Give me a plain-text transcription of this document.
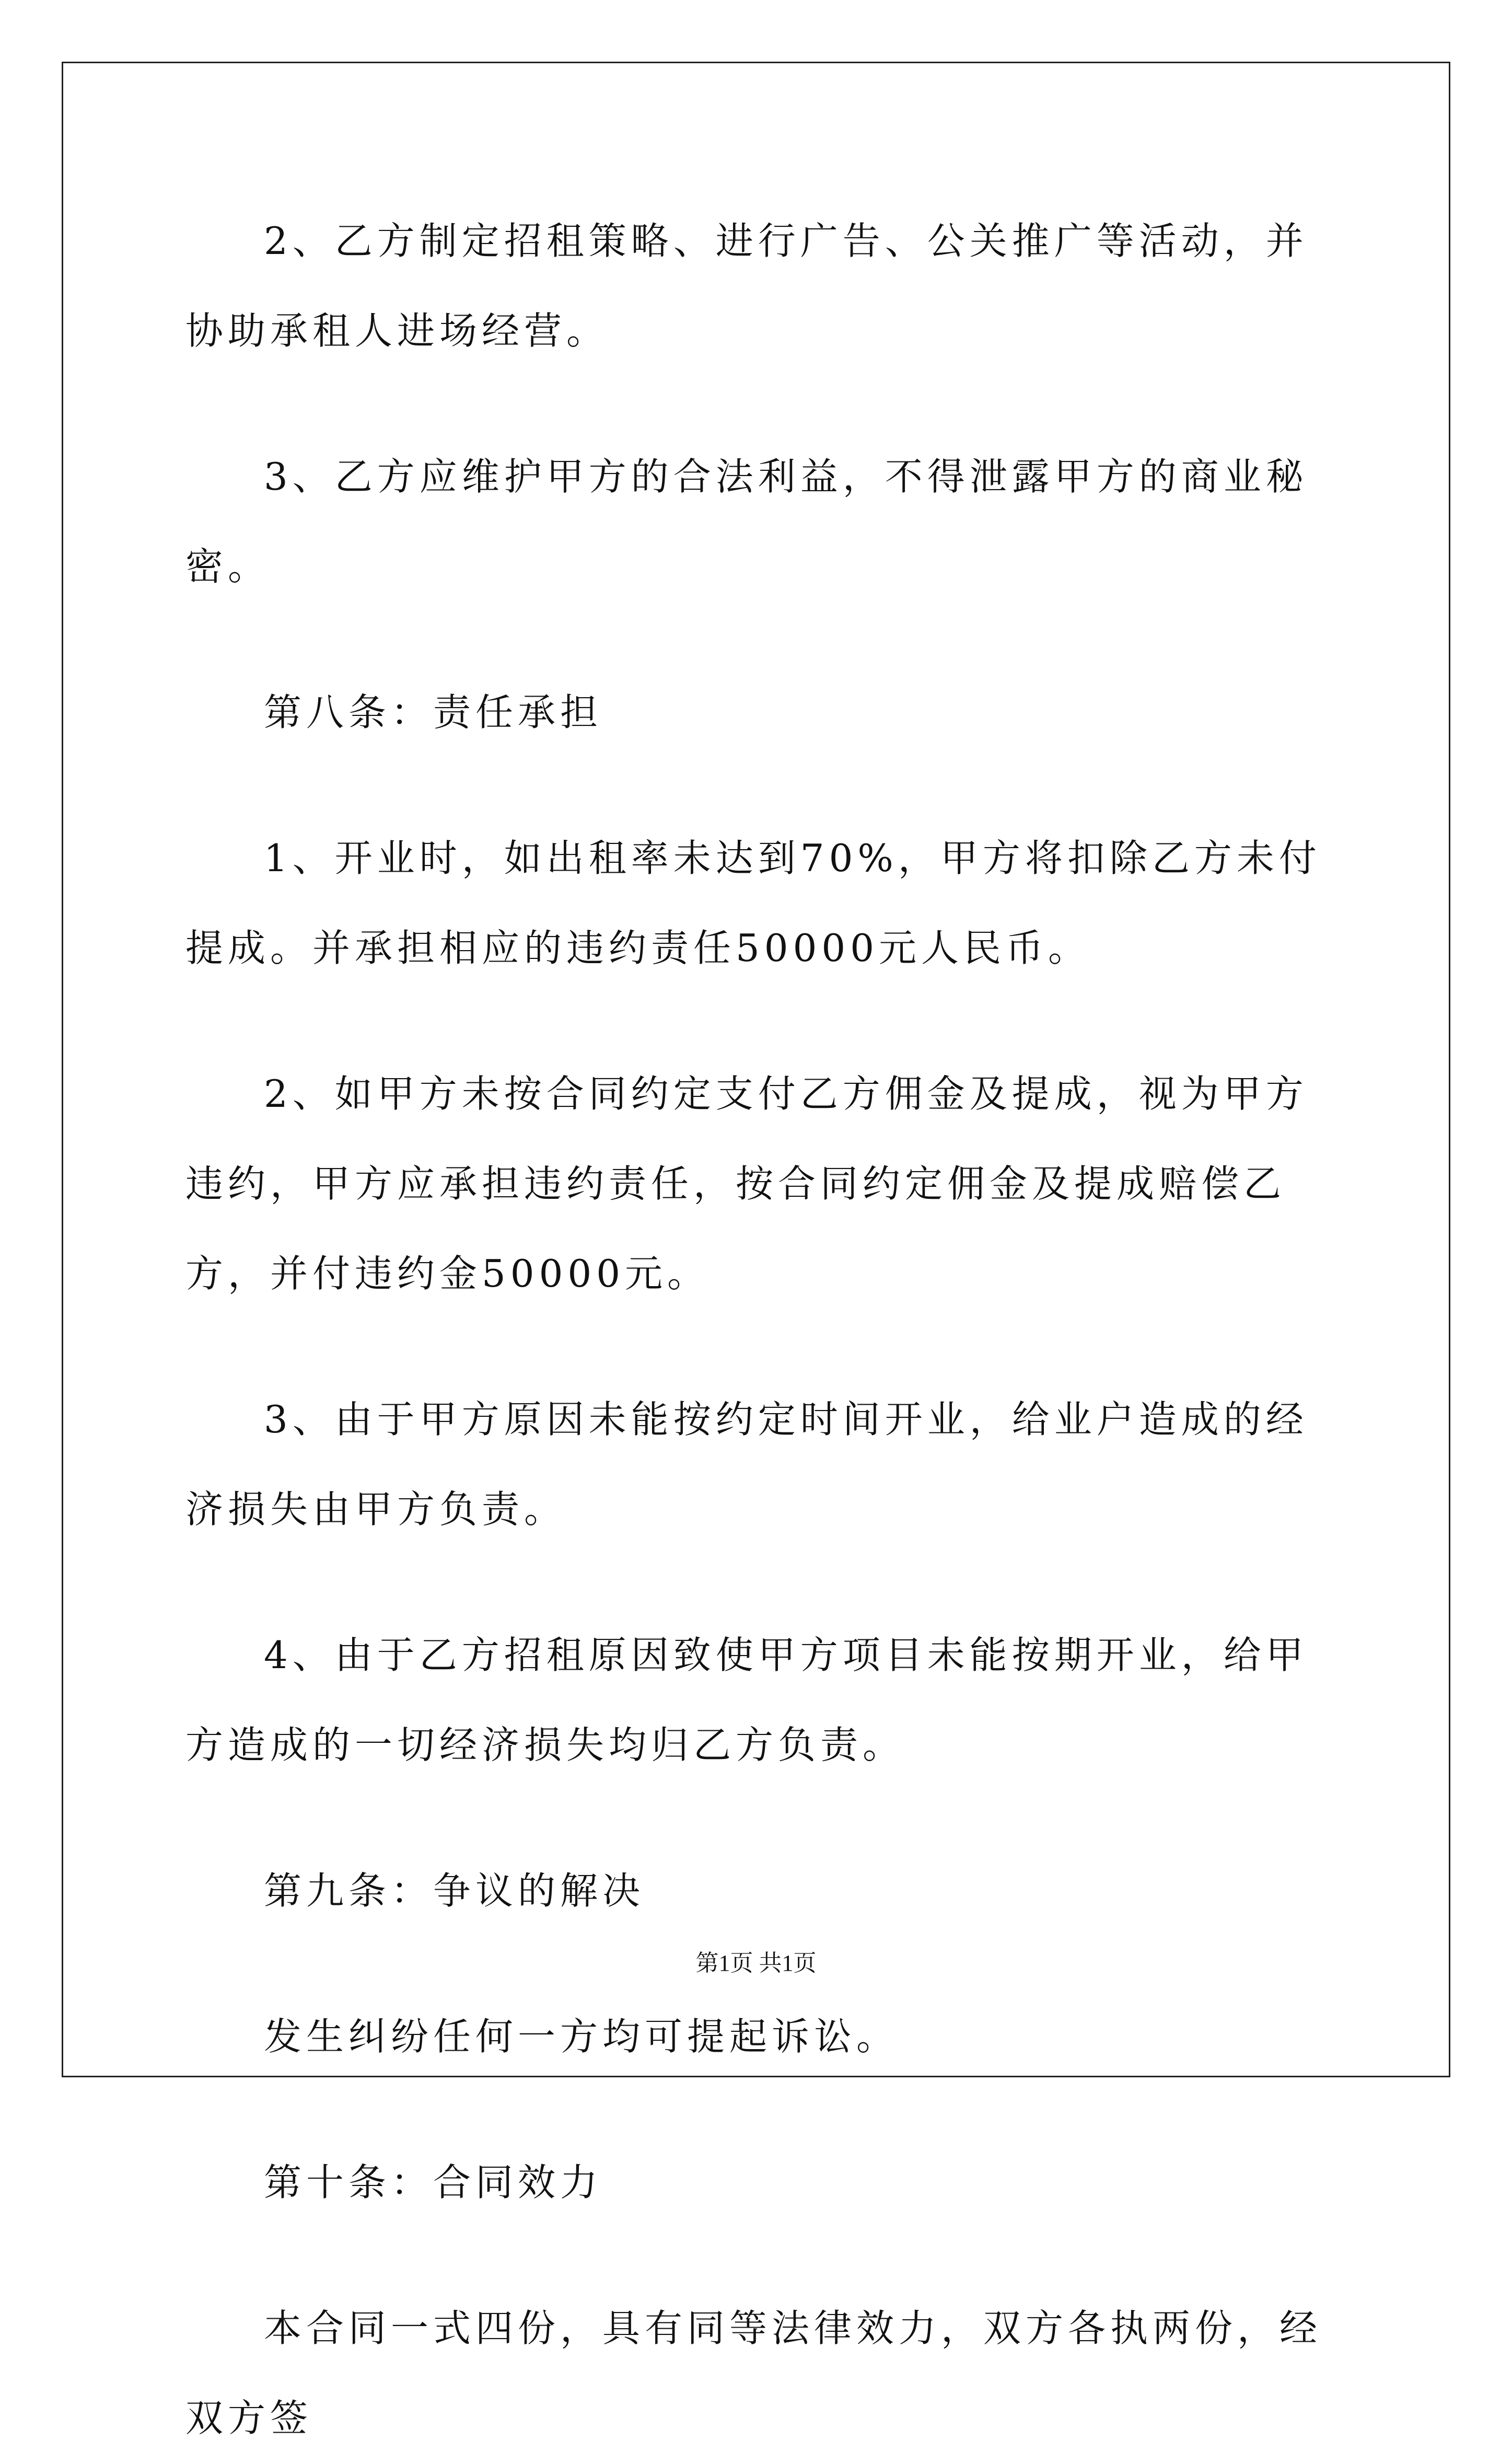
2、乙方制定招租策略、进行广告、公关推广等活动，并协助承租人进场经营。

3、乙方应维护甲方的合法利益，不得泄露甲方的商业秘密。

第八条：责任承担

1、开业时，如出租率未达到70%，甲方将扣除乙方未付提成。并承担相应的违约责任50000元人民币。

2、如甲方未按合同约定支付乙方佣金及提成，视为甲方违约，甲方应承担违约责任，按合同约定佣金及提成赔偿乙方，并付违约金50000元。

3、由于甲方原因未能按约定时间开业，给业户造成的经济损失由甲方负责。

4、由于乙方招租原因致使甲方项目未能按期开业，给甲方造成的一切经济损失均归乙方负责。

第九条：争议的解决

发生纠纷任何一方均可提起诉讼。

第十条：合同效力

本合同一式四份，具有同等法律效力，双方各执两份，经双方签

第1页 共1页
